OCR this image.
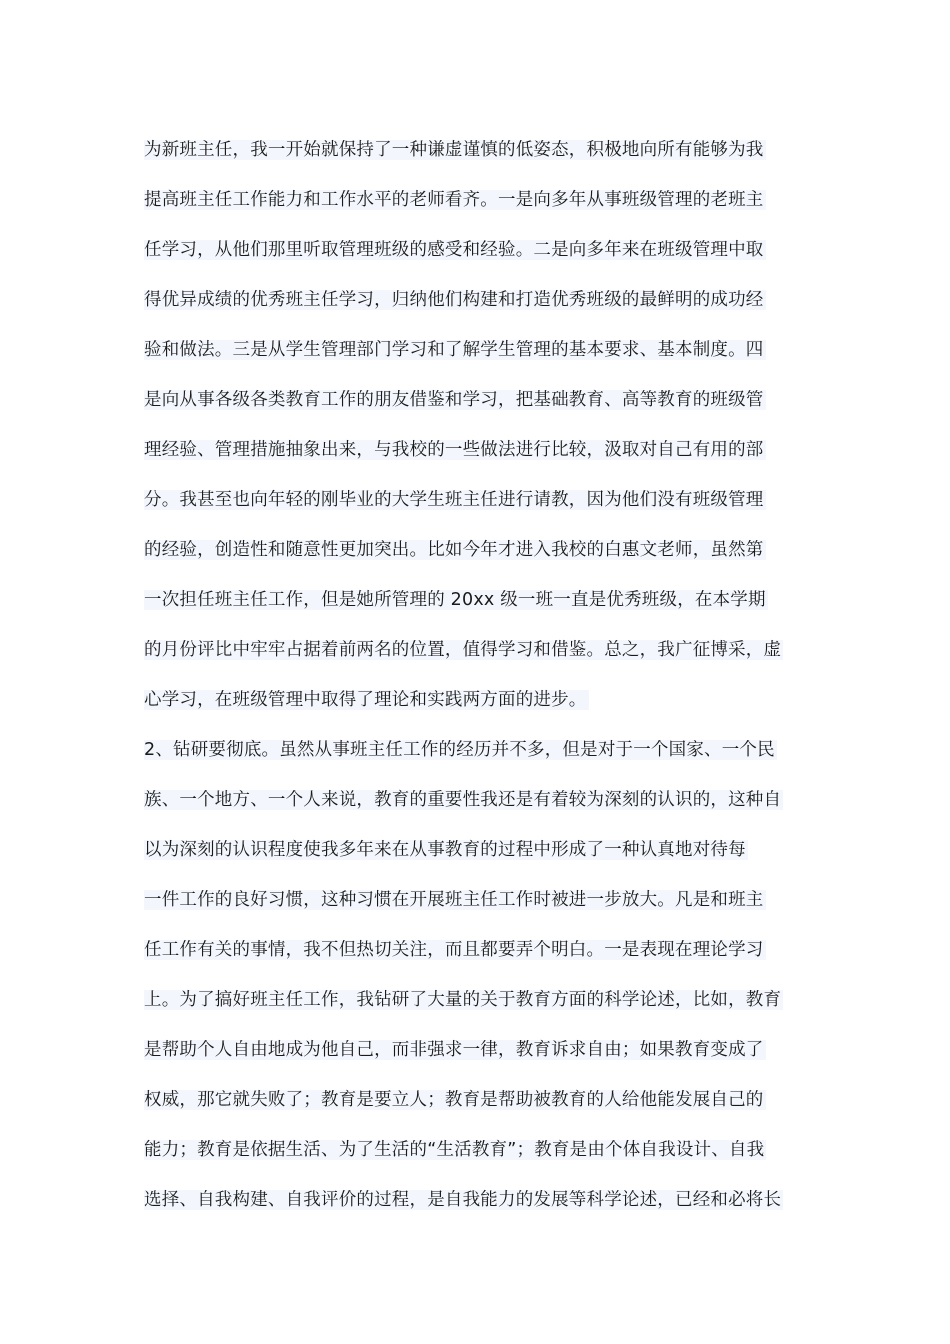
为新班主任，我一开始就保持了一种谦虚谨慎的低姿态，积极地向所有能够为我
提高班主任工作能力和工作水平的老师看齐。一是向多年从事班级管理的老班主
任学习，从他们那里听取管理班级的感受和经验。二是向多年来在班级管理中取
得优异成绩的优秀班主任学习，归纳他们构建和打造优秀班级的最鲜明的成功经
验和做法。三是从学生管理部门学习和了解学生管理的基本要求、基本制度。四
是向从事各级各类教育工作的朋友借鉴和学习，把基础教育、高等教育的班级管
理经验、管理措施抽象出来，与我校的一些做法进行比较，汲取对自己有用的部
分。我甚至也向年轻的刚毕业的大学生班主任进行请教，因为他们没有班级管理
的经验，创造性和随意性更加突出。比如今年才进入我校的白惠文老师，虽然第
一次担任班主任工作，但是她所管理的 20xx 级一班一直是优秀班级，在本学期
的月份评比中牢牢占据着前两名的位置，值得学习和借鉴。总之，我广征博采，虚
心学习，在班级管理中取得了理论和实践两方面的进步。
2、钻研要彻底。虽然从事班主任工作的经历并不多，但是对于一个国家、一个民
族、一个地方、一个人来说，教育的重要性我还是有着较为深刻的认识的，这种自
以为深刻的认识程度使我多年来在从事教育的过程中形成了一种认真地对待每
一件工作的良好习惯，这种习惯在开展班主任工作时被进一步放大。凡是和班主
任工作有关的事情，我不但热切关注，而且都要弄个明白。一是表现在理论学习
上。为了搞好班主任工作，我钻研了大量的关于教育方面的科学论述，比如，教育
是帮助个人自由地成为他自己，而非强求一律，教育诉求自由；如果教育变成了
权威，那它就失败了；教育是要立人；教育是帮助被教育的人给他能发展自己的
能力；教育是依据生活、为了生活的“生活教育”；教育是由个体自我设计、自我
选择、自我构建、自我评价的过程，是自我能力的发展等科学论述，已经和必将长
